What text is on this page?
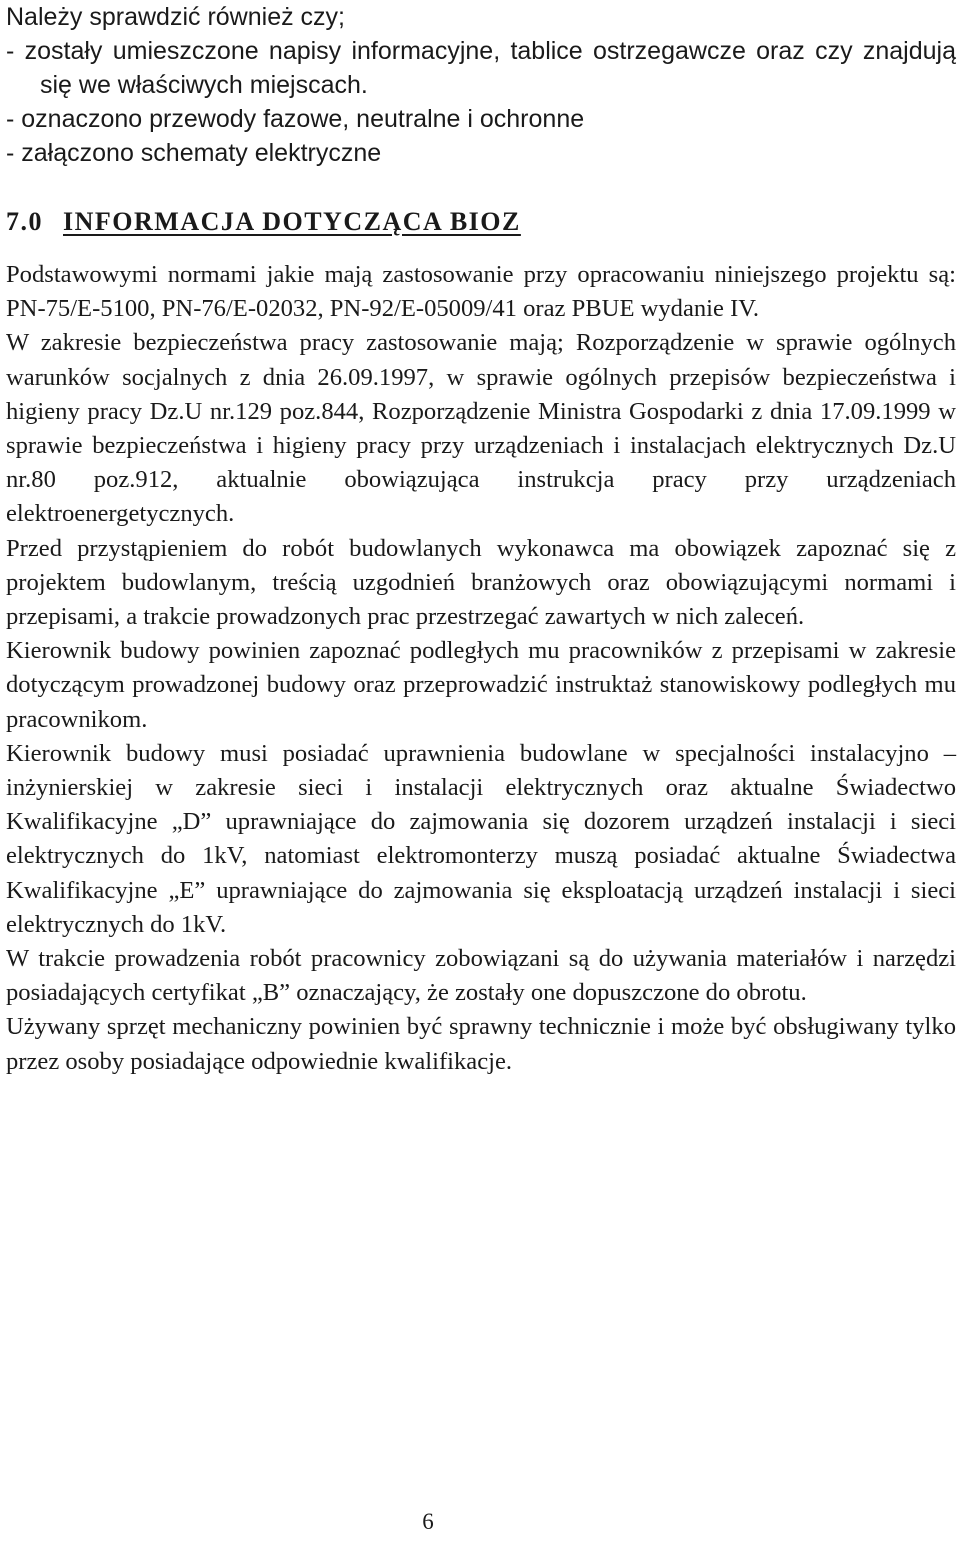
Należy sprawdzić również czy;

- zostały umieszczone napisy informacyjne, tablice ostrzegawcze oraz czy znajdują się we właściwych miejscach.

- oznaczono przewody fazowe, neutralne i ochronne

- załączono schematy elektryczne

7.0 INFORMACJA DOTYCZĄCA BIOZ

Podstawowymi normami jakie mają zastosowanie przy opracowaniu niniejszego projektu są: PN-75/E-5100, PN-76/E-02032, PN-92/E-05009/41 oraz PBUE wydanie IV.

W zakresie bezpieczeństwa pracy zastosowanie mają; Rozporządzenie w sprawie ogólnych warunków socjalnych z dnia 26.09.1997, w sprawie ogólnych przepisów bezpieczeństwa i higieny pracy Dz.U nr.129 poz.844, Rozporządzenie Ministra Gospodarki z dnia 17.09.1999 w sprawie bezpieczeństwa i higieny pracy przy urządzeniach i instalacjach elektrycznych Dz.U nr.80 poz.912, aktualnie obowiązująca instrukcja pracy przy urządzeniach elektroenergetycznych.

Przed przystąpieniem do robót budowlanych wykonawca ma obowiązek zapoznać się z projektem budowlanym, treścią uzgodnień branżowych oraz obowiązującymi normami i przepisami, a trakcie prowadzonych prac przestrzegać zawartych w nich zaleceń.

Kierownik budowy powinien zapoznać podległych mu pracowników z przepisami w zakresie dotyczącym prowadzonej budowy oraz przeprowadzić instruktaż stanowiskowy podległych mu pracownikom.

Kierownik budowy musi posiadać uprawnienia budowlane w specjalności instalacyjno – inżynierskiej w zakresie sieci i instalacji elektrycznych oraz aktualne Świadectwo Kwalifikacyjne „D” uprawniające do zajmowania się dozorem urządzeń instalacji i sieci elektrycznych do 1kV, natomiast elektromonterzy muszą posiadać aktualne Świadectwa Kwalifikacyjne „E” uprawniające do zajmowania się eksploatacją urządzeń instalacji i sieci elektrycznych do 1kV.

W trakcie prowadzenia robót pracownicy zobowiązani są do używania materiałów i narzędzi posiadających certyfikat „B” oznaczający, że zostały one dopuszczone do obrotu.

Używany sprzęt mechaniczny powinien być sprawny technicznie i może być obsługiwany tylko przez osoby posiadające odpowiednie kwalifikacje.

6
